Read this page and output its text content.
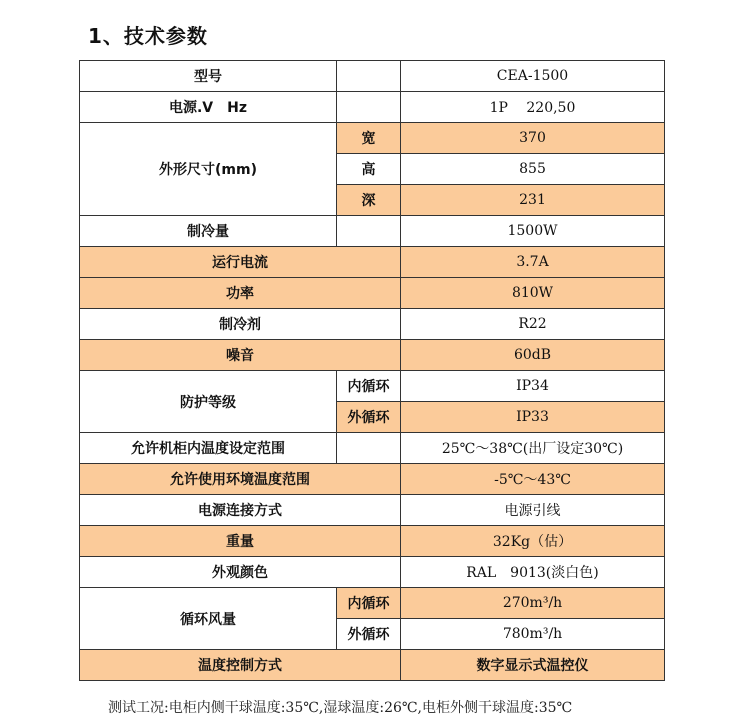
1、技术参数
型号		CEA-1500
电源.V　Hz		1P　 220,50
外形尺寸(mm)	宽	370
	高	855
	深	231
制冷量		1500W
运行电流		3.7A
功率		810W
制冷剂		R22
噪音		60dB
防护等级	内循环	IP34
	外循环	IP33
允许机柜内温度设定范围		25℃～38℃(出厂设定30℃)
允许使用环境温度范围		-5℃～43℃
电源连接方式		电源引线
重量		32Kg（估）
外观颜色		RAL　9013(淡白色)
循环风量	内循环	270m³/h
	外循环	780m³/h
温度控制方式		数字显示式温控仪
测试工况:电柜内侧干球温度:35℃,湿球温度:26℃,电柜外侧干球温度:35℃
